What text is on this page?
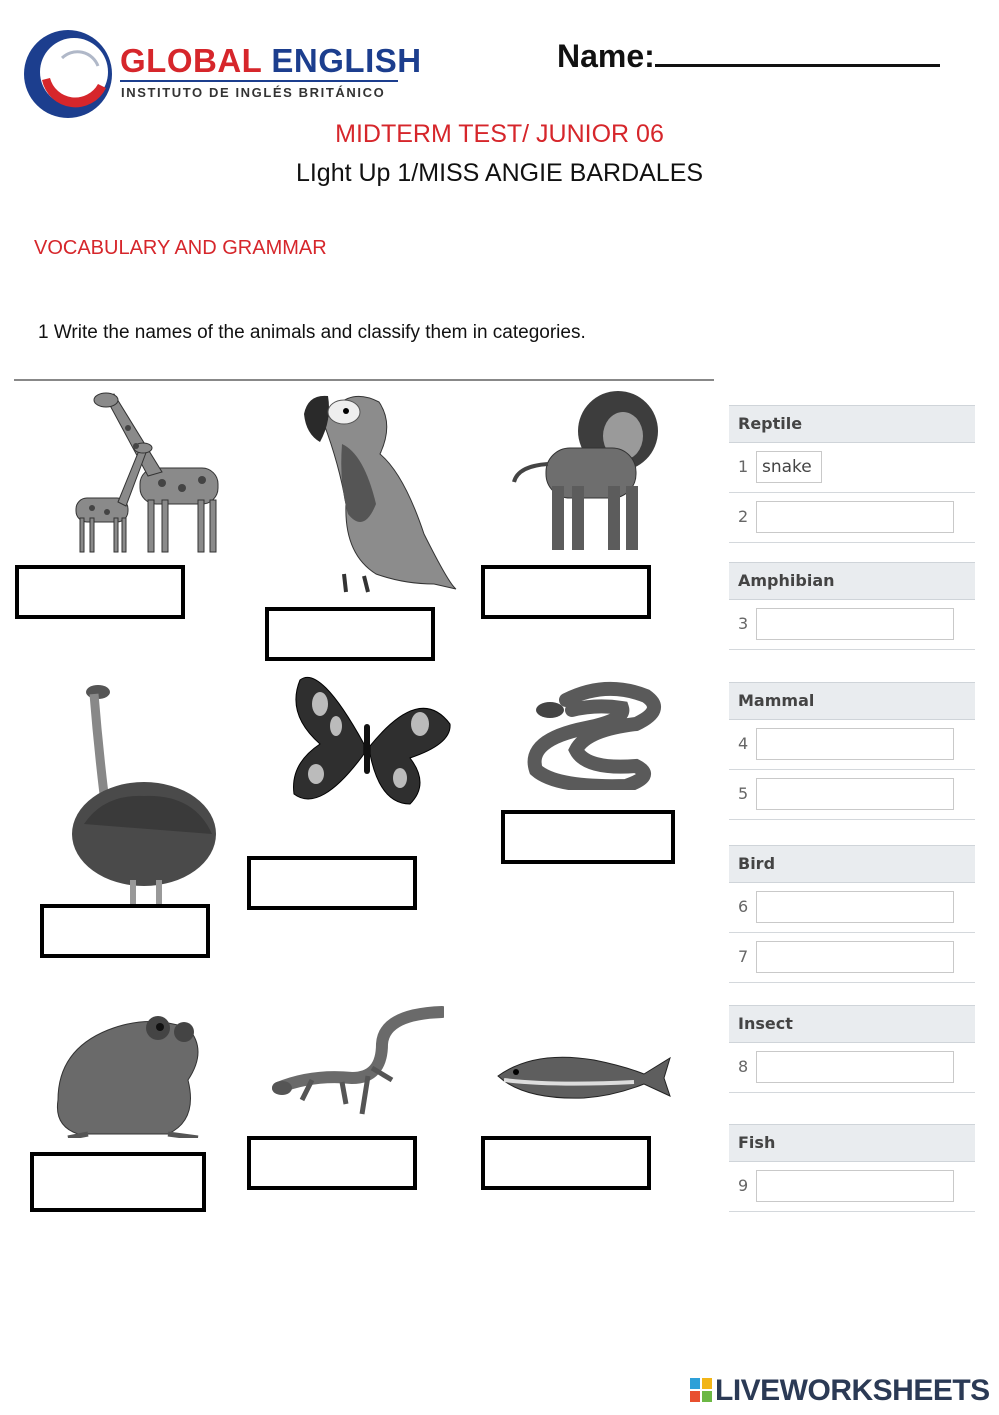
GLOBAL ENGLISH
INSTITUTO DE INGLÉS BRITÁNICO
Name:
MIDTERM TEST/ JUNIOR 06
LIght Up 1/MISS ANGIE BARDALES
VOCABULARY AND GRAMMAR
1 Write the names of the animals and classify them in categories.
Reptile
1 snake
2
Amphibian
3
Mammal
4
5
Bird
6
7
Insect
8
Fish
9
LIVEWORKSHEETS
